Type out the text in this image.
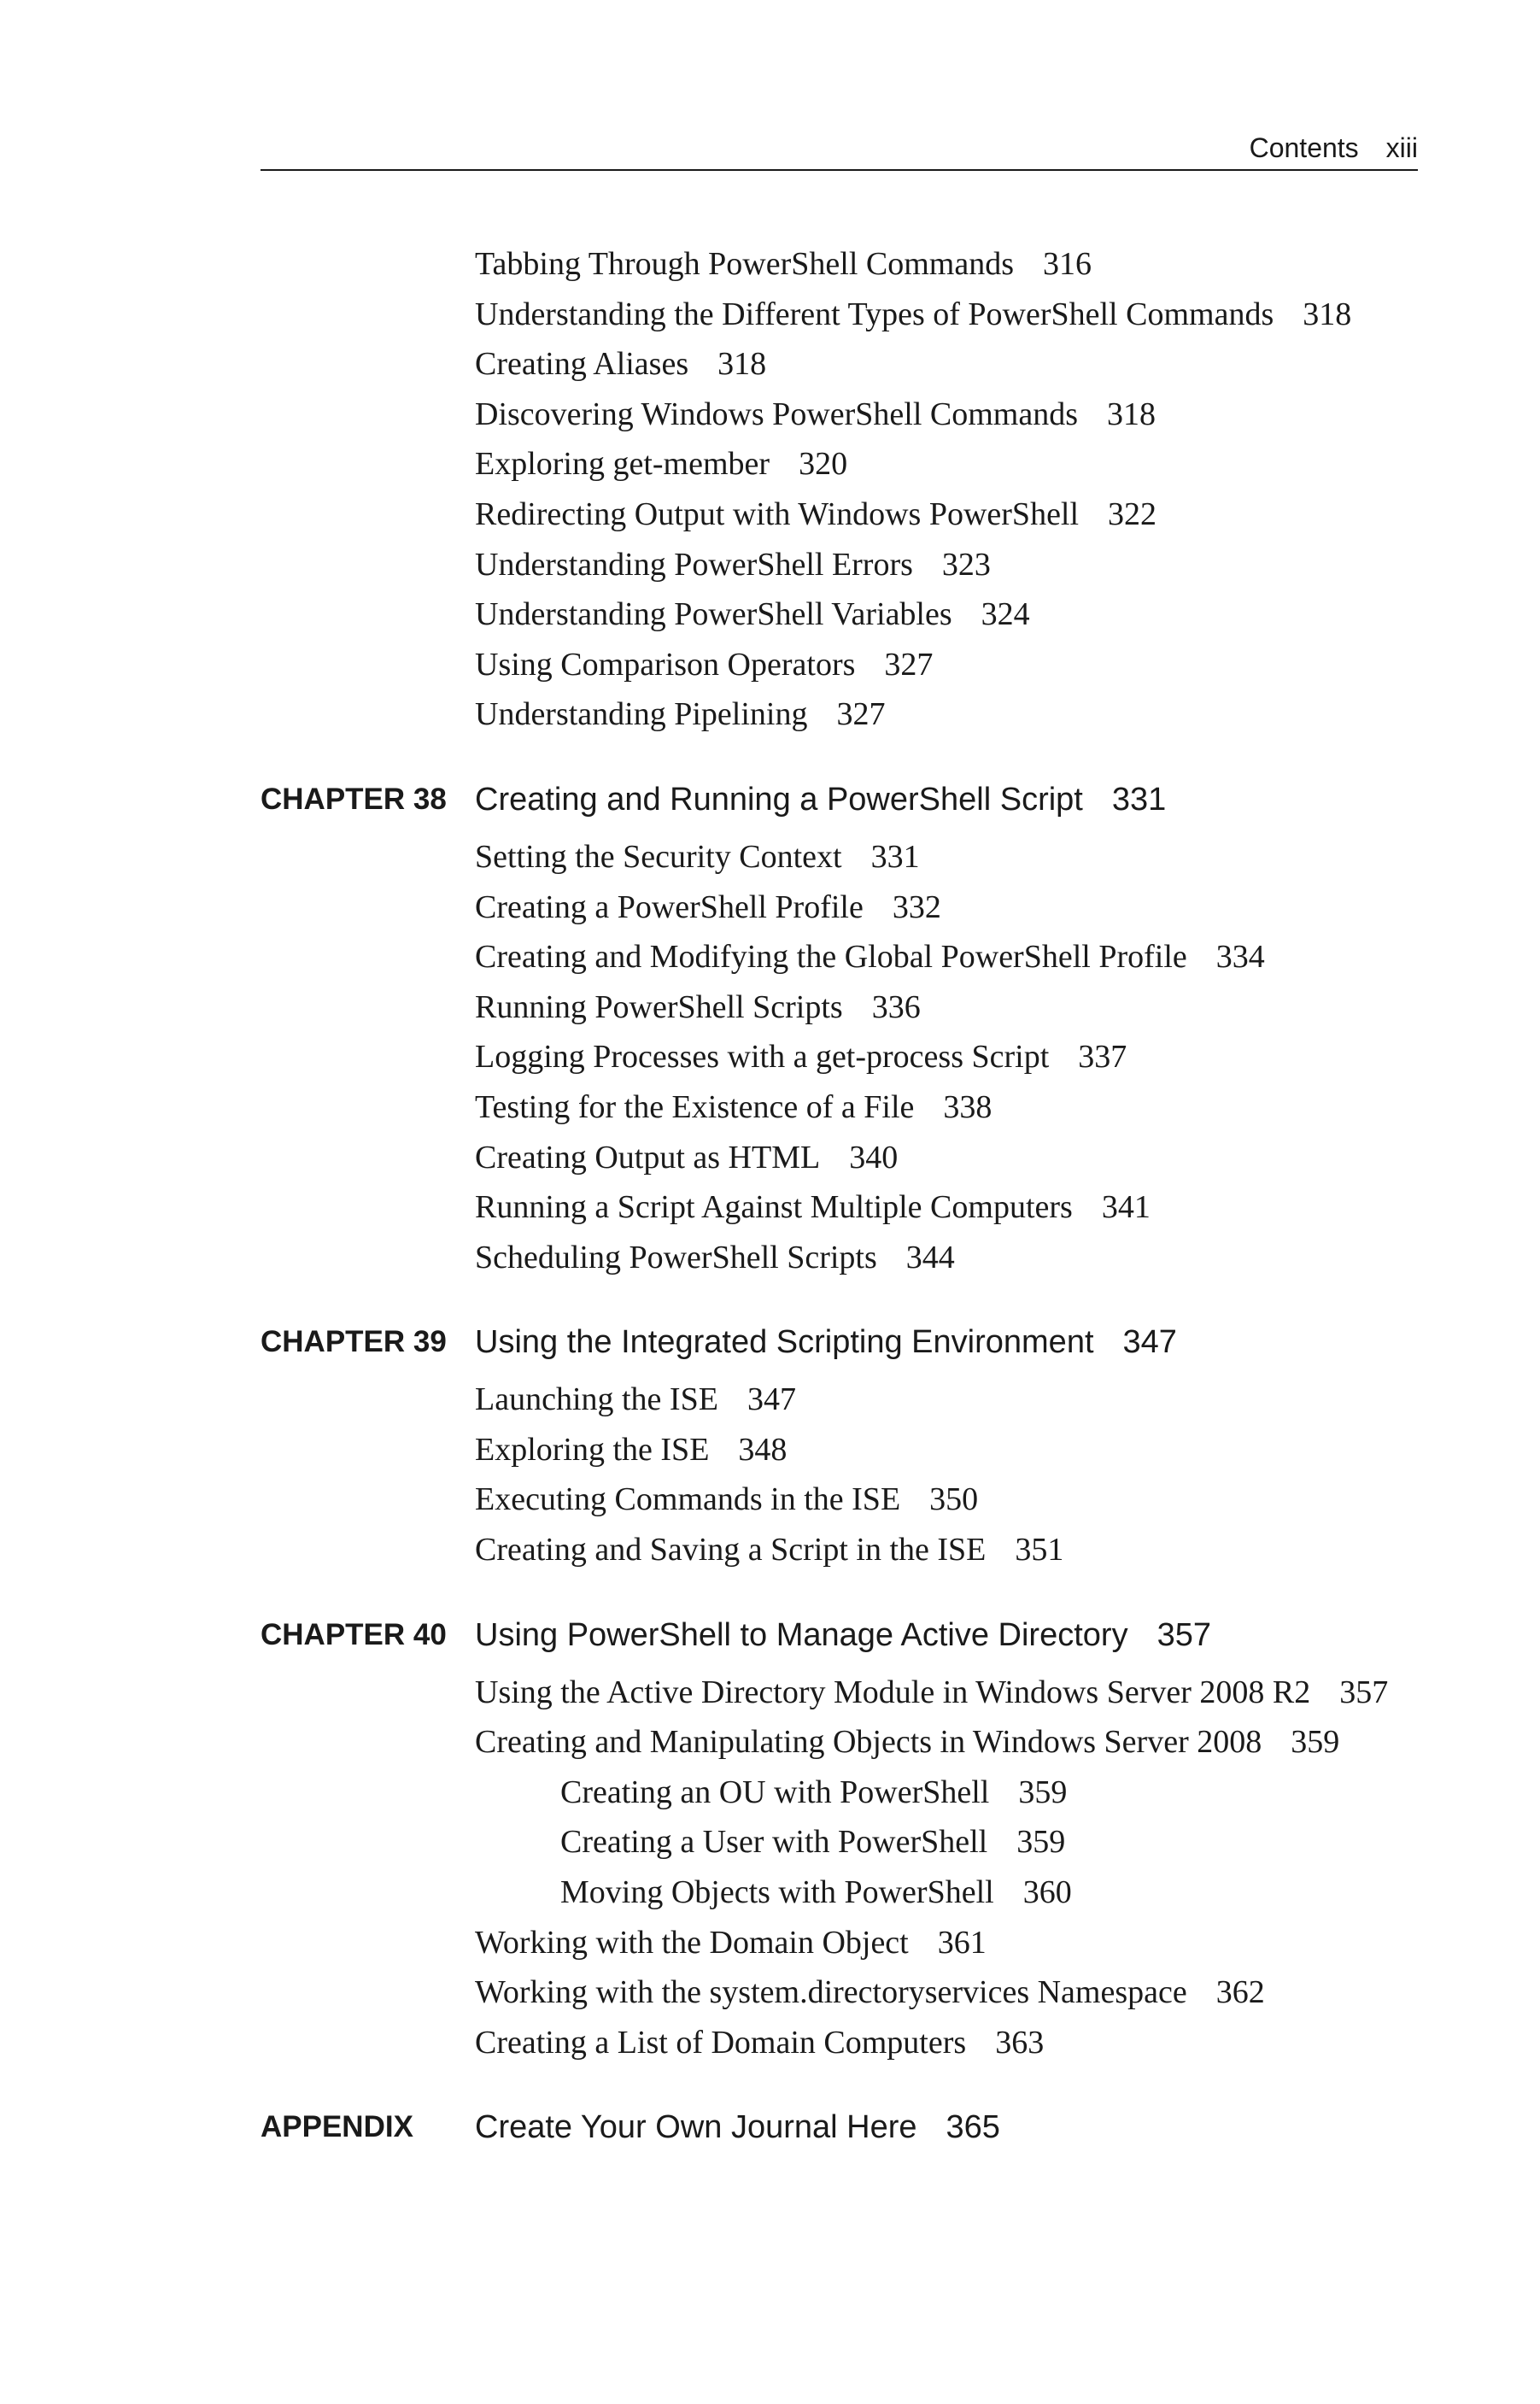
Contents xiii
Tabbing Through PowerShell Commands 316
Understanding the Different Types of PowerShell Commands 318
Creating Aliases 318
Discovering Windows PowerShell Commands 318
Exploring get-member 320
Redirecting Output with Windows PowerShell 322
Understanding PowerShell Errors 323
Understanding PowerShell Variables 324
Using Comparison Operators 327
Understanding Pipelining 327
CHAPTER 38 Creating and Running a PowerShell Script 331
Setting the Security Context 331
Creating a PowerShell Profile 332
Creating and Modifying the Global PowerShell Profile 334
Running PowerShell Scripts 336
Logging Processes with a get-process Script 337
Testing for the Existence of a File 338
Creating Output as HTML 340
Running a Script Against Multiple Computers 341
Scheduling PowerShell Scripts 344
CHAPTER 39 Using the Integrated Scripting Environment 347
Launching the ISE 347
Exploring the ISE 348
Executing Commands in the ISE 350
Creating and Saving a Script in the ISE 351
CHAPTER 40 Using PowerShell to Manage Active Directory 357
Using the Active Directory Module in Windows Server 2008 R2 357
Creating and Manipulating Objects in Windows Server 2008 359
Creating an OU with PowerShell 359
Creating a User with PowerShell 359
Moving Objects with PowerShell 360
Working with the Domain Object 361
Working with the system.directoryservices Namespace 362
Creating a List of Domain Computers 363
APPENDIX Create Your Own Journal Here 365
